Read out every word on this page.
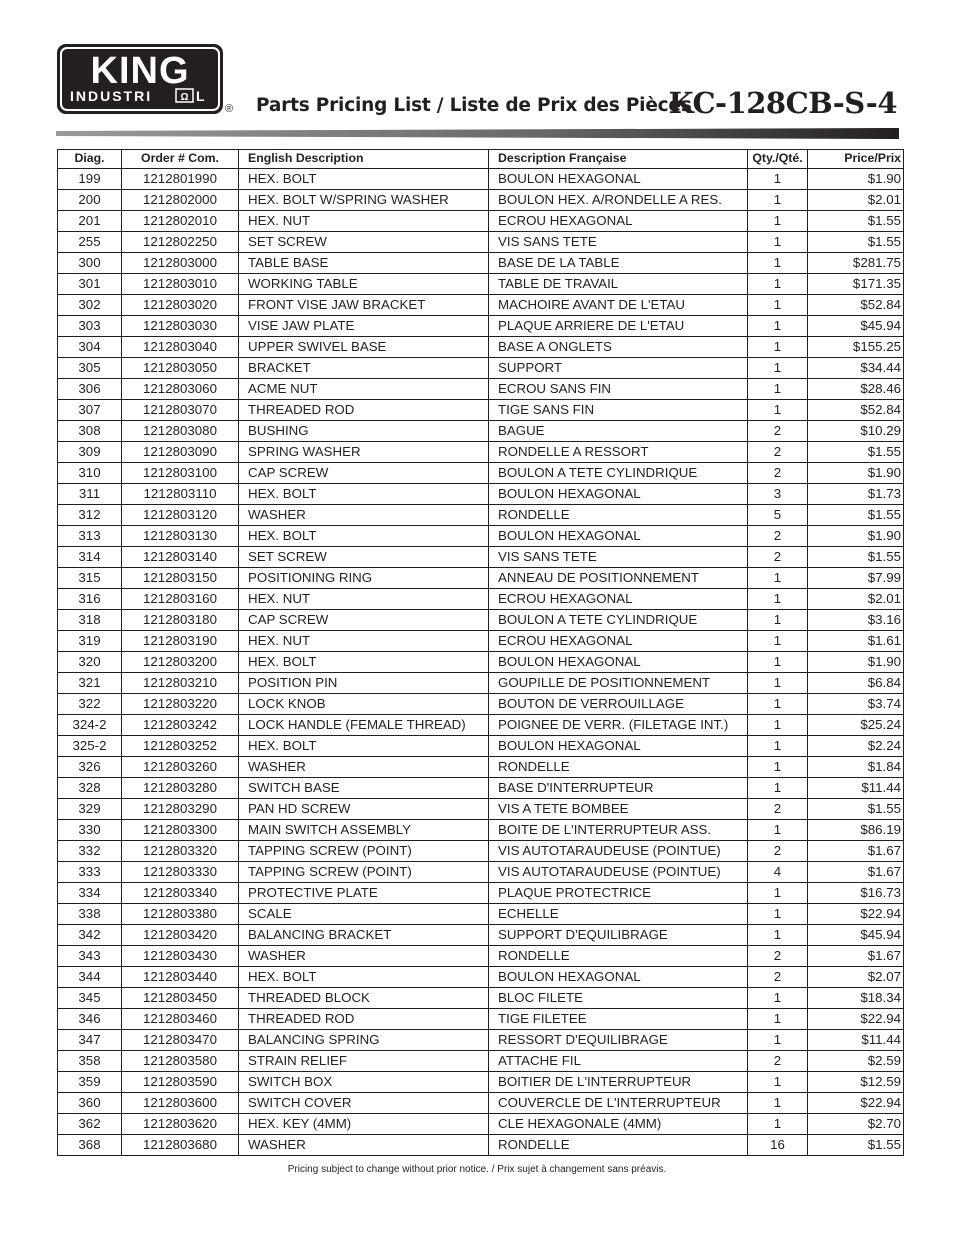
KING
INDUSTRI	Ω L
® Parts Pricing List / Liste de Prix des Pièces
KC-128CB-S-4
Diag.	Order # Com.	English Description	Description Française	Qty./Qté.	Price/Prix
199	1212801990	HEX. BOLT	BOULON HEXAGONAL	1	$1.90
200	1212802000	HEX. BOLT W/SPRING WASHER	BOULON HEX. A/RONDELLE A RES.	1	$2.01
201	1212802010	HEX. NUT	ECROU HEXAGONAL	1	$1.55
255	1212802250	SET SCREW	VIS SANS TETE	1	$1.55
300	1212803000	TABLE BASE	BASE DE LA TABLE	1	$281.75
301	1212803010	WORKING TABLE	TABLE DE TRAVAIL	1	$171.35
302	1212803020	FRONT VISE JAW BRACKET	MACHOIRE AVANT DE L'ETAU	1	$52.84
303	1212803030	VISE JAW PLATE	PLAQUE ARRIERE DE L'ETAU	1	$45.94
304	1212803040	UPPER SWIVEL BASE	BASE A ONGLETS	1	$155.25
305	1212803050	BRACKET	SUPPORT	1	$34.44
306	1212803060	ACME NUT	ECROU SANS FIN	1	$28.46
307	1212803070	THREADED ROD	TIGE SANS FIN	1	$52.84
308	1212803080	BUSHING	BAGUE	2	$10.29
309	1212803090	SPRING WASHER	RONDELLE A RESSORT	2	$1.55
310	1212803100	CAP SCREW	BOULON A TETE CYLINDRIQUE	2	$1.90
311	1212803110	HEX. BOLT	BOULON HEXAGONAL	3	$1.73
312	1212803120	WASHER	RONDELLE	5	$1.55
313	1212803130	HEX. BOLT	BOULON HEXAGONAL	2	$1.90
314	1212803140	SET SCREW	VIS SANS TETE	2	$1.55
315	1212803150	POSITIONING RING	ANNEAU DE POSITIONNEMENT	1	$7.99
316	1212803160	HEX. NUT	ECROU HEXAGONAL	1	$2.01
318	1212803180	CAP SCREW	BOULON A TETE CYLINDRIQUE	1	$3.16
319	1212803190	HEX. NUT	ECROU HEXAGONAL	1	$1.61
320	1212803200	HEX. BOLT	BOULON HEXAGONAL	1	$1.90
321	1212803210	POSITION PIN	GOUPILLE DE POSITIONNEMENT	1	$6.84
322	1212803220	LOCK KNOB	BOUTON DE VERROUILLAGE	1	$3.74
324-2	1212803242	LOCK HANDLE (FEMALE THREAD)	POIGNEE DE VERR. (FILETAGE INT.)	1	$25.24
325-2	1212803252	HEX. BOLT	BOULON HEXAGONAL	1	$2.24
326	1212803260	WASHER	RONDELLE	1	$1.84
328	1212803280	SWITCH BASE	BASE D'INTERRUPTEUR	1	$11.44
329	1212803290	PAN HD SCREW	VIS A TETE BOMBEE	2	$1.55
330	1212803300	MAIN SWITCH ASSEMBLY	BOITE DE L'INTERRUPTEUR ASS.	1	$86.19
332	1212803320	TAPPING SCREW (POINT)	VIS AUTOTARAUDEUSE (POINTUE)	2	$1.67
333	1212803330	TAPPING SCREW (POINT)	VIS AUTOTARAUDEUSE (POINTUE)	4	$1.67
334	1212803340	PROTECTIVE PLATE	PLAQUE PROTECTRICE	1	$16.73
338	1212803380	SCALE	ECHELLE	1	$22.94
342	1212803420	BALANCING BRACKET	SUPPORT D'EQUILIBRAGE	1	$45.94
343	1212803430	WASHER	RONDELLE	2	$1.67
344	1212803440	HEX. BOLT	BOULON HEXAGONAL	2	$2.07
345	1212803450	THREADED BLOCK	BLOC FILETE	1	$18.34
346	1212803460	THREADED ROD	TIGE FILETEE	1	$22.94
347	1212803470	BALANCING SPRING	RESSORT D'EQUILIBRAGE	1	$11.44
358	1212803580	STRAIN RELIEF	ATTACHE FIL	2	$2.59
359	1212803590	SWITCH BOX	BOITIER DE L'INTERRUPTEUR	1	$12.59
360	1212803600	SWITCH COVER	COUVERCLE DE L'INTERRUPTEUR	1	$22.94
362	1212803620	HEX. KEY (4MM)	CLE HEXAGONALE (4MM)	1	$2.70
368	1212803680	WASHER	RONDELLE	16	$1.55
Pricing subject to change without prior notice. / Prix sujet à changement sans préavis.
